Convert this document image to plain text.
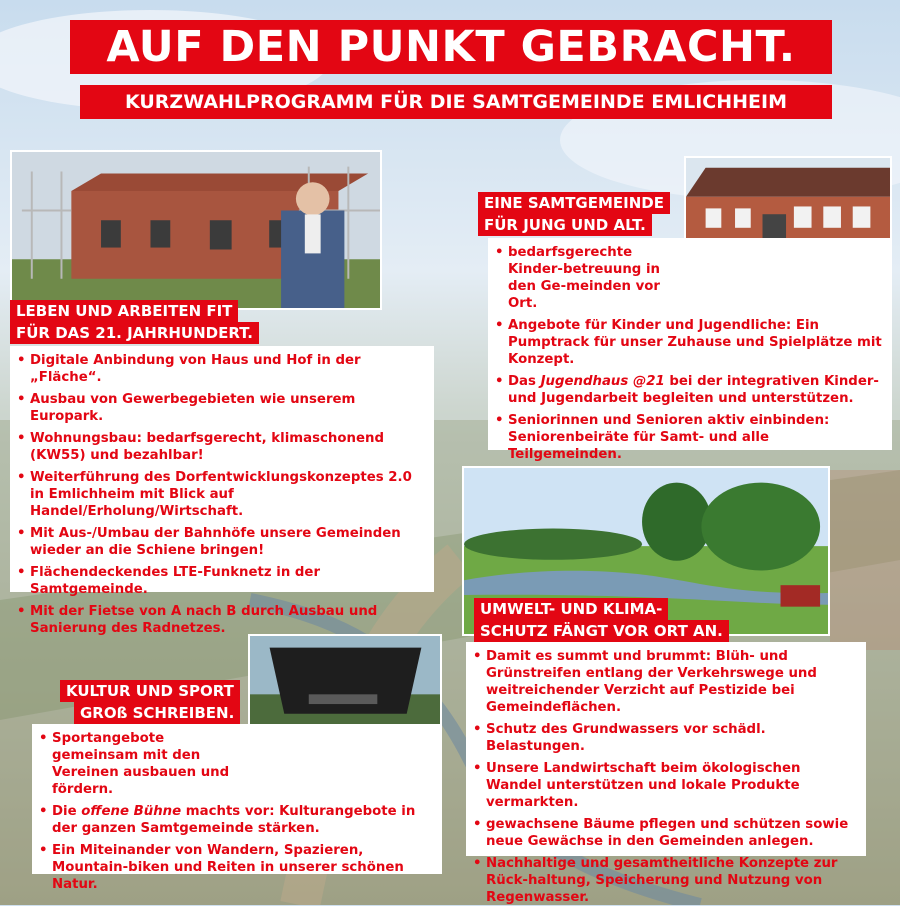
AUF DEN PUNKT GEBRACHT.
KURZWAHLPROGRAMM FÜR DIE SAMTGEMEINDE EMLICHHEIM
• Digitale Anbindung von Haus und Hof in der „Fläche“.
• Ausbau von Gewerbegebieten wie unserem Europark.
• Wohnungsbau: bedarfsgerecht, klimaschonend (KW55) und bezahlbar!
• Weiterführung des Dorfentwicklungskonzeptes 2.0 in Emlichheim mit Blick auf Handel/Erholung/Wirtschaft.
• Mit Aus-/Umbau der Bahnhöfe unsere Gemeinden wieder an die Schiene bringen!
• Flächendeckendes LTE-Funknetz in der Samtgemeinde.
• Mit der Fietse von A nach B durch Ausbau und Sanierung des Radnetzes.
LEBEN UND ARBEITEN FIT
FÜR DAS 21. JAHRHUNDERT.
• bedarfsgerechte Kinder-betreuung in den Ge-meinden vor Ort.
• Angebote für Kinder und Jugendliche: Ein Pumptrack für unser Zuhause und Spielplätze mit Konzept.
• Das Jugendhaus @21 bei der integrativen Kinder- und Jugendarbeit begleiten und unterstützen.
• Seniorinnen und Senioren aktiv einbinden: Seniorenbeiräte für Samt- und alle Teilgemeinden.
EINE SAMTGEMEINDE
FÜR JUNG UND ALT.
• Damit es summt und brummt: Blüh- und Grünstreifen entlang der Verkehrswege und weitreichender Verzicht auf Pestizide bei Gemeindeflächen.
• Schutz des Grundwassers vor schädl. Belastungen.
• Unsere Landwirtschaft beim ökologischen Wandel unterstützen und lokale Produkte vermarkten.
• gewachsene Bäume pflegen und schützen sowie neue Gewächse in den Gemeinden anlegen.
• Nachhaltige und gesamtheitliche Konzepte zur Rück-haltung, Speicherung und Nutzung von Regenwasser.
UMWELT- UND KLIMA-
SCHUTZ FÄNGT VOR ORT AN.
• Sportangebote gemeinsam mit den Vereinen ausbauen und fördern.
• Die offene Bühne machts vor: Kulturangebote in der ganzen Samtgemeinde stärken.
• Ein Miteinander von Wandern, Spazieren, Mountain-biken und Reiten in unserer schönen Natur.
KULTUR UND SPORT
GROß SCHREIBEN.
